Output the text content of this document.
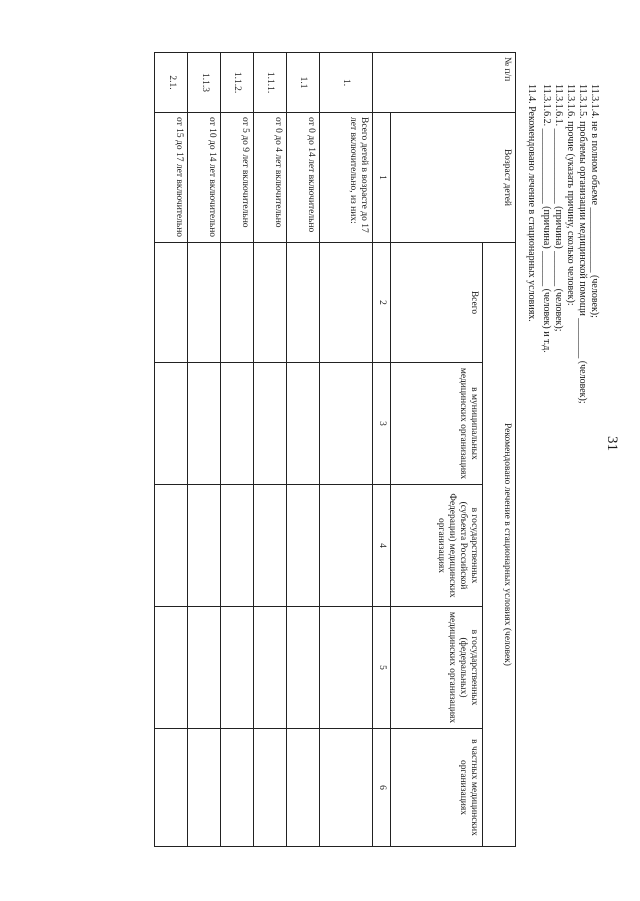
31
11.3.1.4. не в полном объеме _____________ (человек);
11.3.1.5. проблемы организации медицинской помощи ________ (человек);
11.3.1.6. прочие (указать причину, сколько человек):
11.3.1.6.1. _______________ (причина) _______ (человек);
11.3.1.6.2. _______________ (причина) _______ (человек) и т.д.
11.4. Рекомендовано лечение в стационарных условиях.
№ п/п	Возраст детей	Рекомендовано лечение в стационарных условиях (человек)				
		Всего	в муниципальных медицинских организациях	в государственных (субъекта Российской Федерации) медицинских организациях	в государственных (федеральных) медицинских организациях	в частных медицинских организациях
	1	2	3	4	5	6
1.	Всего детей в возрасте до 17 лет включительно, из них:					
1.1	от 0 до 14 лет включительно					
1.1.1.	от 0 до 4 лет включительно					
1.1.2.	от 5 до 9 лет включительно					
1.1.3	от 10 до 14 лет включительно					
2.1.	от 15 до 17 лет включительно					
